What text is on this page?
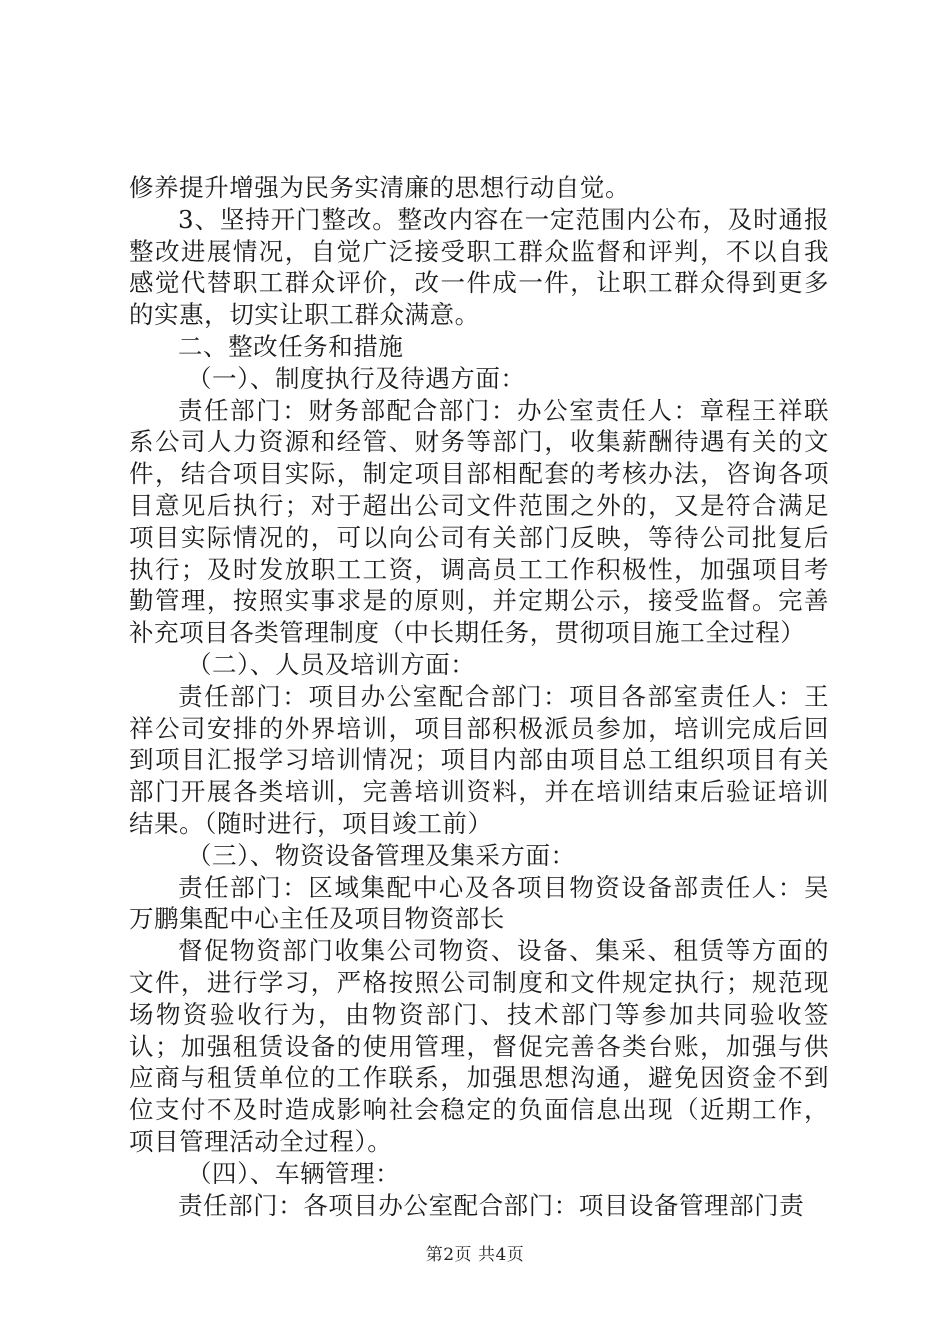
修养提升增强为民务实清廉的思想行动自觉。

3、坚持开门整改。整改内容在一定范围内公布，及时通报整改进展情况，自觉广泛接受职工群众监督和评判，不以自我感觉代替职工群众评价，改一件成一件，让职工群众得到更多的实惠，切实让职工群众满意。

二、整改任务和措施

（一）、制度执行及待遇方面：

责任部门：财务部配合部门：办公室责任人：章程王祥联系公司人力资源和经管、财务等部门，收集薪酬待遇有关的文件，结合项目实际，制定项目部相配套的考核办法，咨询各项目意见后执行；对于超出公司文件范围之外的，又是符合满足项目实际情况的，可以向公司有关部门反映，等待公司批复后执行；及时发放职工工资，调高员工工作积极性，加强项目考勤管理，按照实事求是的原则，并定期公示，接受监督。完善补充项目各类管理制度（中长期任务，贯彻项目施工全过程）

（二）、人员及培训方面：

责任部门：项目办公室配合部门：项目各部室责任人：王祥公司安排的外界培训，项目部积极派员参加，培训完成后回到项目汇报学习培训情况；项目内部由项目总工组织项目有关部门开展各类培训，完善培训资料，并在培训结束后验证培训结果。（随时进行，项目竣工前）

（三）、物资设备管理及集采方面：

责任部门：区域集配中心及各项目物资设备部责任人：吴万鹏集配中心主任及项目物资部长

督促物资部门收集公司物资、设备、集采、租赁等方面的文件，进行学习，严格按照公司制度和文件规定执行；规范现场物资验收行为，由物资部门、技术部门等参加共同验收签认；加强租赁设备的使用管理，督促完善各类台账，加强与供应商与租赁单位的工作联系，加强思想沟通，避免因资金不到位支付不及时造成影响社会稳定的负面信息出现（近期工作，项目管理活动全过程）。

（四）、车辆管理：

责任部门：各项目办公室配合部门：项目设备管理部门责

第2页 共4页
